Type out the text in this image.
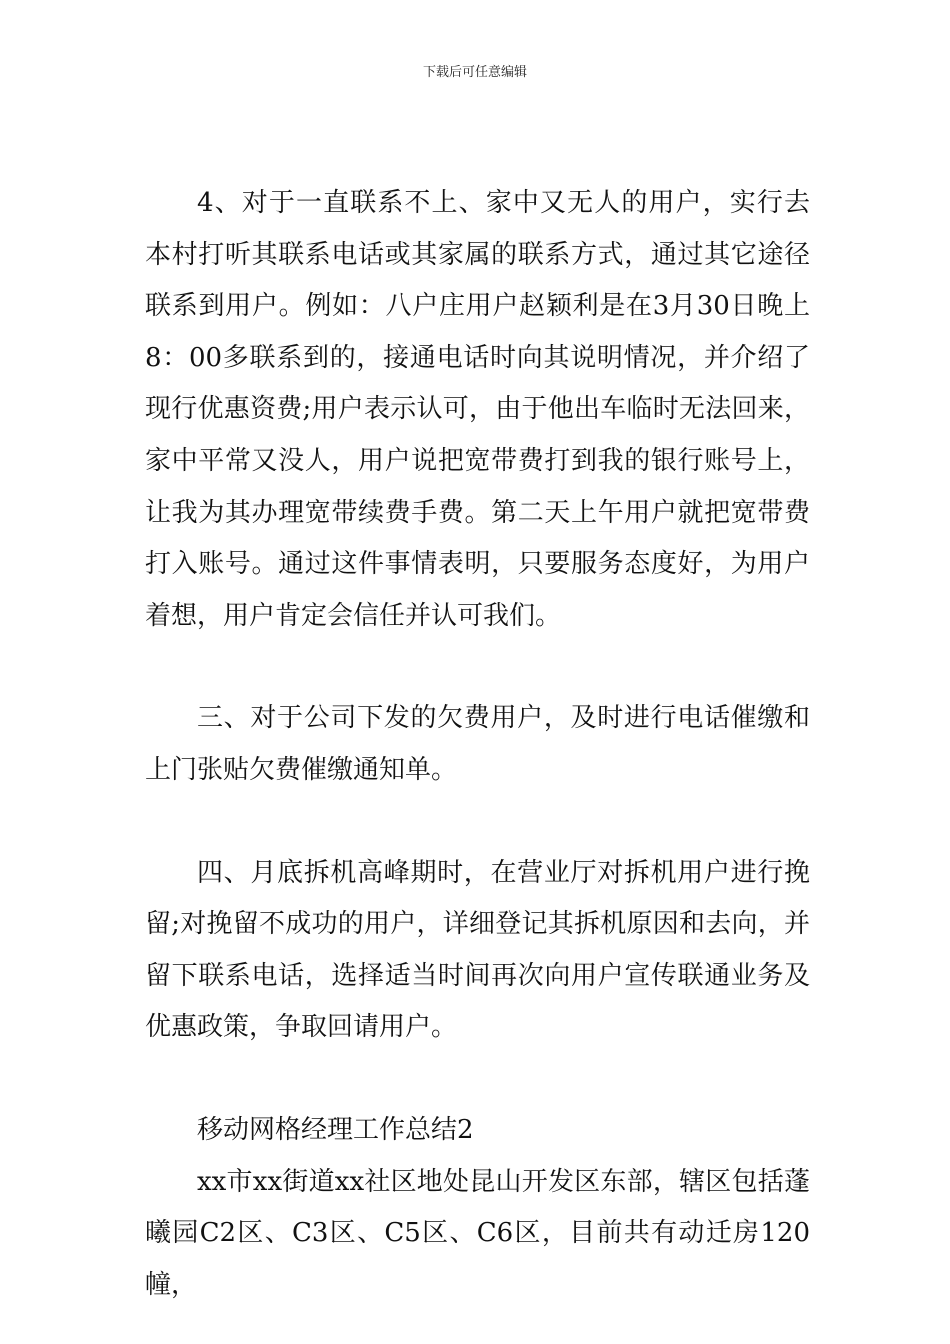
下载后可任意编辑

4、对于一直联系不上、家中又无人的用户，实行去本村打听其联系电话或其家属的联系方式，通过其它途径联系到用户。例如：八户庄用户赵颖利是在3月30日晚上8：00多联系到的，接通电话时向其说明情况，并介绍了现行优惠资费;用户表示认可，由于他出车临时无法回来，家中平常又没人，用户说把宽带费打到我的银行账号上，让我为其办理宽带续费手费。第二天上午用户就把宽带费打入账号。通过这件事情表明，只要服务态度好，为用户着想，用户肯定会信任并认可我们。

三、对于公司下发的欠费用户，及时进行电话催缴和上门张贴欠费催缴通知单。

四、月底拆机高峰期时，在营业厅对拆机用户进行挽留;对挽留不成功的用户，详细登记其拆机原因和去向，并留下联系电话，选择适当时间再次向用户宣传联通业务及优惠政策，争取回请用户。

移动网格经理工作总结2

xx市xx街道xx社区地处昆山开发区东部，辖区包括蓬曦园C2区、C3区、C5区、C6区，目前共有动迁房120幢，
